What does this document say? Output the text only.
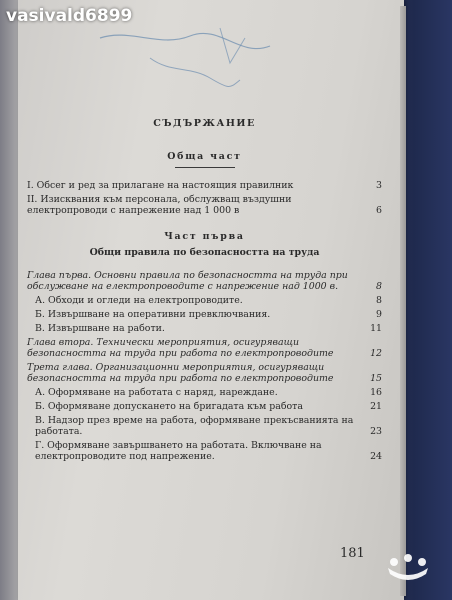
vasivald6899
СЪДЪРЖАНИЕ
Обща част
I. Обсег и ред за прилагане на настоящия правилник	3
II. Изисквания към персонала, обслужващ въздушни електропроводи с напрежение над 1 000 в	6
Част първа
Общи правила по безопасността на труда
Глава първа. Основни правила по безопасността на труда при обслужване на електропроводите с напрежение над 1000 в.	8
А. Обходи и огледи на електропроводите.	8
Б. Извършване на оперативни превключвания.	9
В. Извършване на работи.	11
Глава втора. Технически мероприятия, осигуряващи безопасността на труда при работа по електропроводите	12
Трета глава. Организационни мероприятия, осигуряващи безопасността на труда при работа по електропроводите	15
А. Оформяване на работата с наряд, нареждане.	16
Б. Оформяване допускането на бригадата към работа	21
В. Надзор през време на работа, оформяване прекъсванията на работата.	23
Г. Оформяване завършването на работата. Включване на електропроводите под напрежение.	24
181
